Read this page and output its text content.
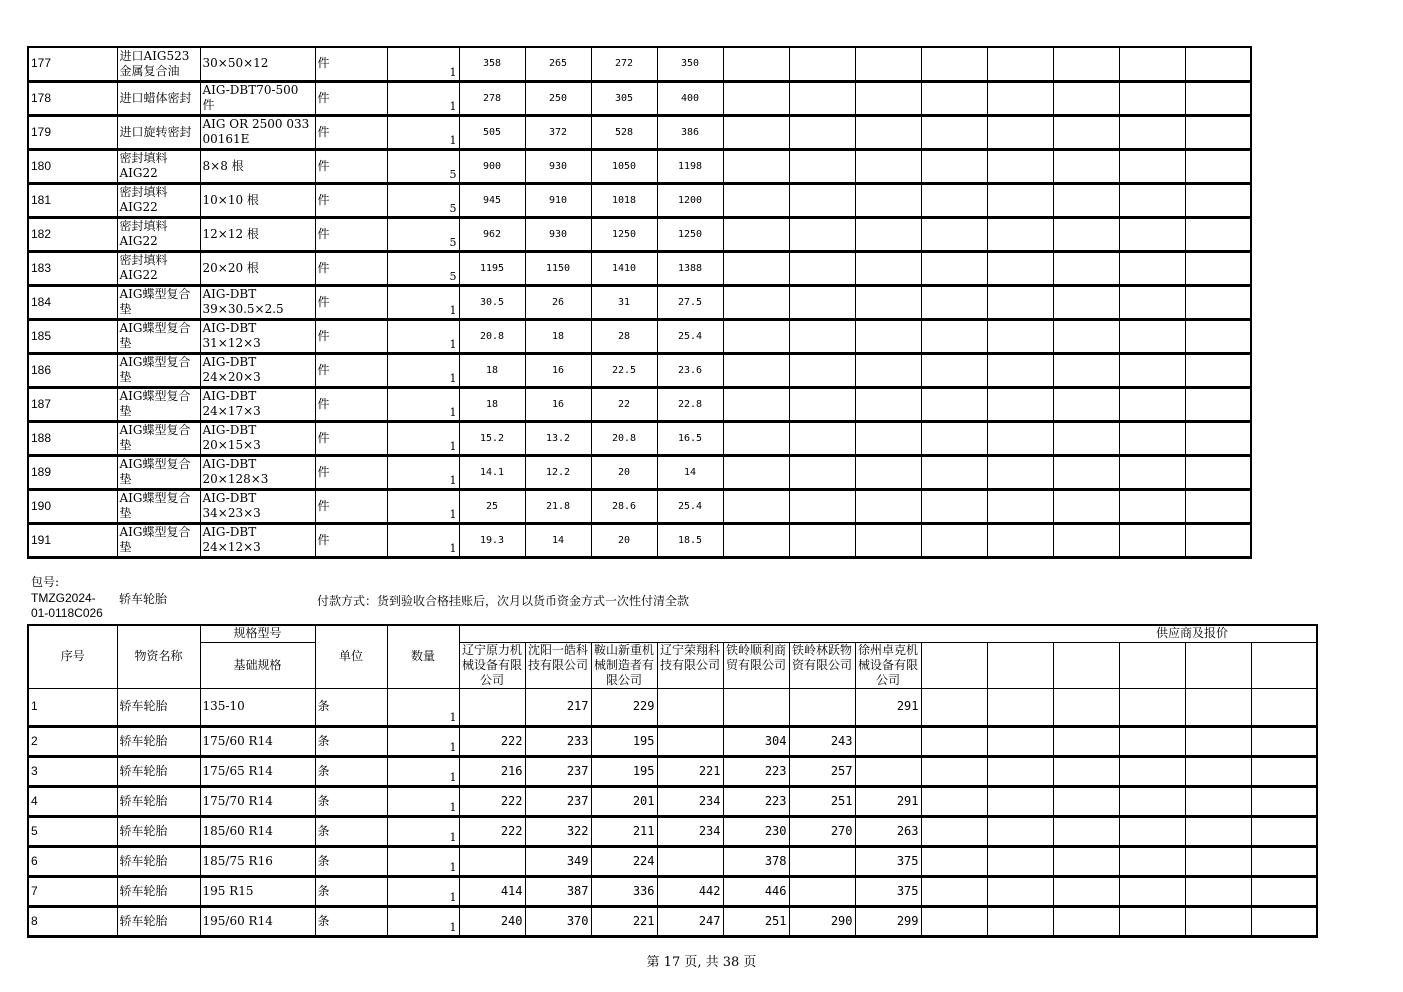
177	进口AIG523金属复合油	30×50×12	件	1	358	265	272	350								
178	进口蜡体密封	AIG-DBT70-500 件	件	1	278	250	305	400								
179	进口旋转密封	AIG OR 2500 033 00161E	件	1	505	372	528	386								
180	密封填料AIG22	8×8 根	件	5	900	930	1050	1198								
181	密封填料AIG22	10×10 根	件	5	945	910	1018	1200								
182	密封填料AIG22	12×12 根	件	5	962	930	1250	1250								
183	密封填料AIG22	20×20 根	件	5	1195	1150	1410	1388								
184	AIG蝶型复合垫	AIG-DBT 39×30.5×2.5	件	1	30.5	26	31	27.5								
185	AIG蝶型复合垫	AIG-DBT 31×12×3	件	1	20.8	18	28	25.4								
186	AIG蝶型复合垫	AIG-DBT 24×20×3	件	1	18	16	22.5	23.6								
187	AIG蝶型复合垫	AIG-DBT 24×17×3	件	1	18	16	22	22.8								
188	AIG蝶型复合垫	AIG-DBT 20×15×3	件	1	15.2	13.2	20.8	16.5								
189	AIG蝶型复合垫	AIG-DBT 20×128×3	件	1	14.1	12.2	20	14								
190	AIG蝶型复合垫	AIG-DBT 34×23×3	件	1	25	21.8	28.6	25.4								
191	AIG蝶型复合垫	AIG-DBT 24×12×3	件	1	19.3	14	20	18.5								
包号:
TMZG2024-
01-0118C026
轿车轮胎	付款方式：货到验收合格挂账后，次月以货币资金方式一次性付清全款
序号	物资名称	规格型号	单位	数量	供应商及报价												
		基础规格			辽宁原力机械设备有限公司	沈阳一皓科技有限公司	鞍山新重机械制造者有限公司	辽宁荣翔科技有限公司	铁岭顺利商贸有限公司	铁岭林跃物资有限公司	徐州卓克机械设备有限公司						
1	轿车轮胎	135-10	条	1		217	229				291						
2	轿车轮胎	175/60 R14	条	1	222	233	195		304	243							
3	轿车轮胎	175/65 R14	条	1	216	237	195	221	223	257							
4	轿车轮胎	175/70 R14	条	1	222	237	201	234	223	251	291						
5	轿车轮胎	185/60 R14	条	1	222	322	211	234	230	270	263						
6	轿车轮胎	185/75 R16	条	1		349	224		378		375						
7	轿车轮胎	195 R15	条	1	414	387	336	442	446		375						
8	轿车轮胎	195/60 R14	条	1	240	370	221	247	251	290	299						
第 17 页, 共 38 页
